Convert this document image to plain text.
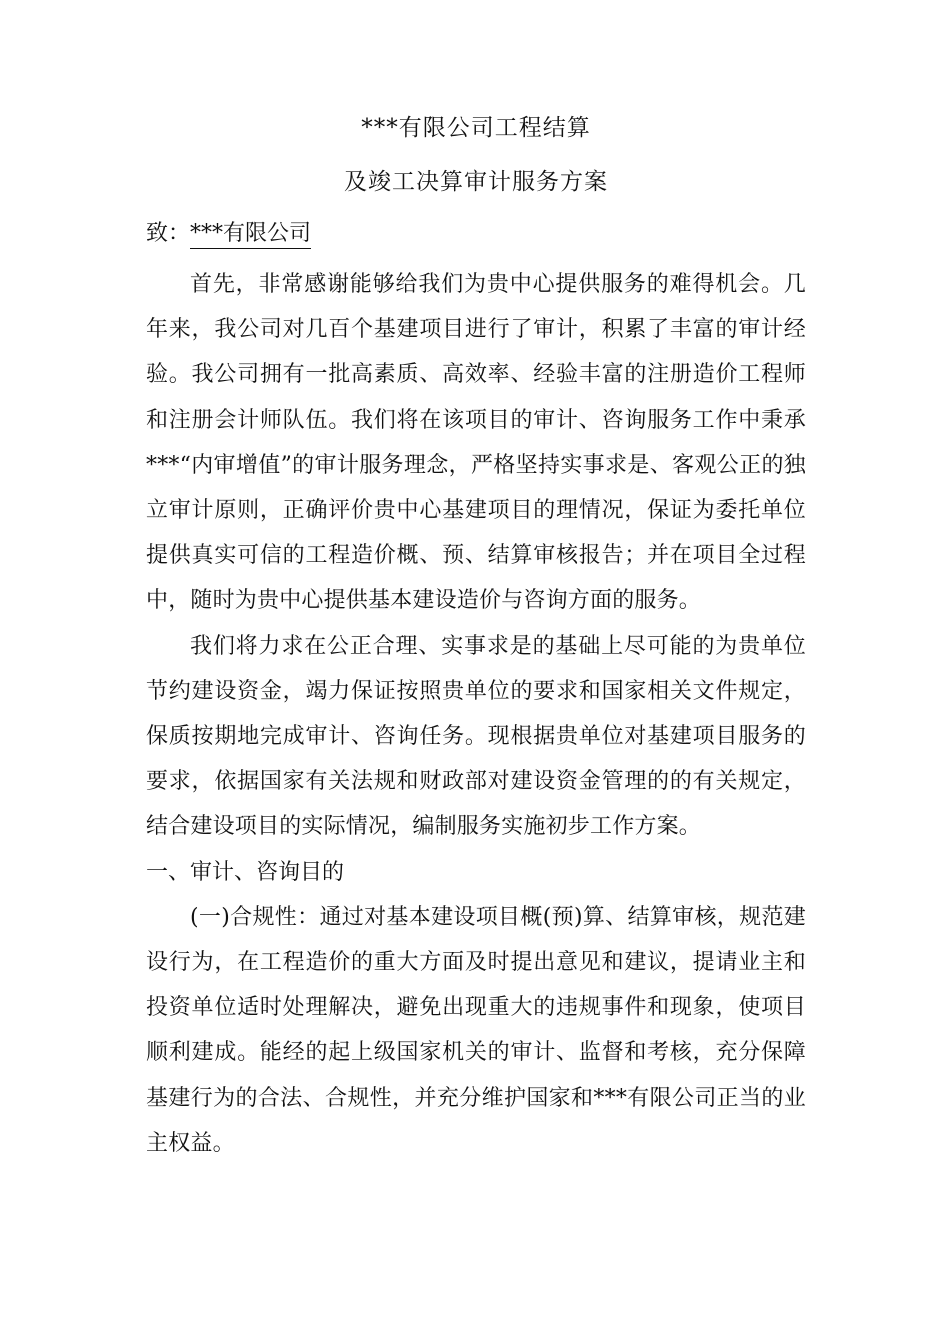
***有限公司工程结算
及竣工决算审计服务方案
致：***有限公司

首先，非常感谢能够给我们为贵中心提供服务的难得机会。几年来，我公司对几百个基建项目进行了审计，积累了丰富的审计经验。我公司拥有一批高素质、高效率、经验丰富的注册造价工程师和注册会计师队伍。我们将在该项目的审计、咨询服务工作中秉承***“内审增值”的审计服务理念，严格坚持实事求是、客观公正的独立审计原则，正确评价贵中心基建项目的理情况，保证为委托单位提供真实可信的工程造价概、预、结算审核报告；并在项目全过程中，随时为贵中心提供基本建设造价与咨询方面的服务。

我们将力求在公正合理、实事求是的基础上尽可能的为贵单位节约建设资金，竭力保证按照贵单位的要求和国家相关文件规定，保质按期地完成审计、咨询任务。现根据贵单位对基建项目服务的要求，依据国家有关法规和财政部对建设资金管理的的有关规定，结合建设项目的实际情况，编制服务实施初步工作方案。

一、审计、咨询目的

(一)合规性：通过对基本建设项目概(预)算、结算审核，规范建设行为，在工程造价的重大方面及时提出意见和建议，提请业主和投资单位适时处理解决，避免出现重大的违规事件和现象，使项目顺利建成。能经的起上级国家机关的审计、监督和考核，充分保障基建行为的合法、合规性，并充分维护国家和***有限公司正当的业主权益。
